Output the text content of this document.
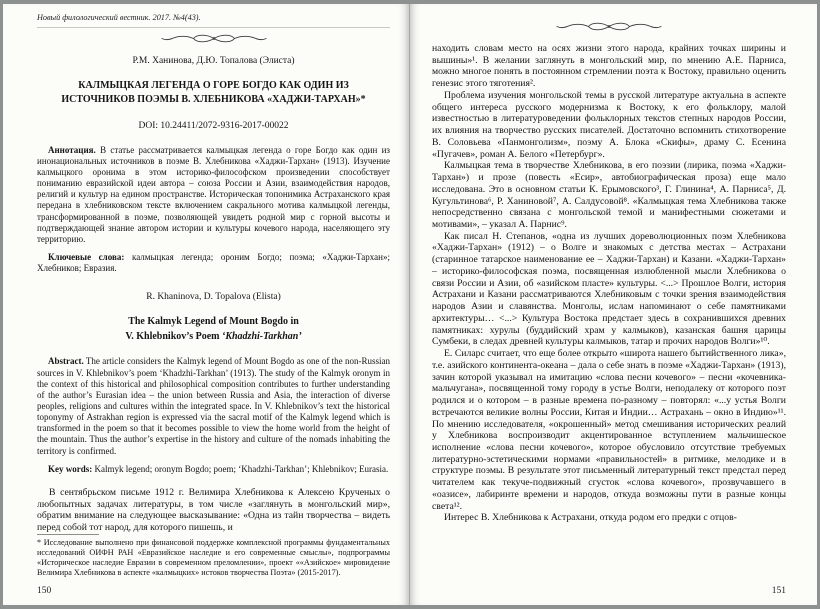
Новый филологический вестник. 2017. №4(43).

Р.М. Ханинова, Д.Ю. Топалова (Элиста)

КАЛМЫЦКАЯ ЛЕГЕНДА О ГОРЕ БОГДО КАК ОДИН ИЗ ИСТОЧНИКОВ ПОЭМЫ В. ХЛЕБНИКОВА «ХАДЖИ-ТАРХАН»*

DOI: 10.24411/2072-9316-2017-00022

Аннотация. В статье рассматривается калмыцкая легенда о горе Богдо как один из инонациональных источников в поэме В. Хлебникова «Хаджи-Тархан» (1913). Изучение калмыцкого оронима в этом историко-философском произведении способствует пониманию евразийской идеи автора – союза России и Азии, взаимодействия народов, религий и культур на едином пространстве. Историческая топонимика Астраханского края передана в хлебниковском тексте включением сакрального мотива калмыцкой легенды, трансформированной в поэме, позволяющей увидеть родной мир с горной высоты и подтверждающей знание автором истории и культуры кочевого народа, населяющего эту территорию.

Ключевые слова: калмыцкая легенда; ороним Богдо; поэма; «Хаджи-Тархан»; Хлебников; Евразия.

R. Khaninova, D. Topalova (Elista)

The Kalmyk Legend of Mount Bogdo in
V. Khlebnikov’s Poem ‘Khadzhi-Tarkhan’

Abstract. The article considers the Kalmyk legend of Mount Bogdo as one of the non-Russian sources in V. Khlebnikov’s poem ‘Khadzhi-Tarkhan’ (1913). The study of the Kalmyk oronym in the context of this historical and philosophical composition contributes to further understanding of the author’s Eurasian idea – the union between Russia and Asia, the interaction of diverse peoples, religions and cultures within the integrated space. In V. Khlebnikov’s text the historical toponymy of Astrakhan region is expressed via the sacral motif of the Kalmyk legend which is transformed in the poem so that it becomes possible to view the home world from the height of the mountain. Thus the author’s expertise in the history and culture of the nomads inhabiting the territory is confirmed.

Key words: Kalmyk legend; oronym Bogdo; poem; ‘Khadzhi-Tarkhan’; Khlebnikov; Eurasia.

В сентябрьском письме 1912 г. Велимира Хлебникова к Алексею Крученых о любопытных задачах литературы, в том числе «заглянуть в монгольский мир», обратим внимание на следующее высказывание: «Одна из тайн творчества – видеть перед собой тот народ, для которого пишешь, и

* Исследование выполнено при финансовой поддержке комплексной программы фундаментальных исследований ОИФН РАН «Евразийское наследие и его современные смыслы», подпрограммы «Историческое наследие Евразии в современном преломлении», проект ««Азийское» мировидение Велимира Хлебникова в аспекте «калмыцких» истоков творчества Поэта» (2015-2017).
150

находить словам место на осях жизни этого народа, крайних точках ширины и вышины»¹. В желании заглянуть в монгольский мир, по мнению А.Е. Парниса, можно многое понять в постоянном стремлении поэта к Востоку, правильно оценить генезис этого тяготения².

Проблема изучения монгольской темы в русской литературе актуальна в аспекте общего интереса русского модернизма к Востоку, к его фольклору, малой известностью в литературоведении фольклорных текстов степных народов России, их влияния на творчество русских писателей. Достаточно вспомнить стихотворение В. Соловьева «Панмонголизм», поэму А. Блока «Скифы», драму С. Есенина «Пугачев», роман А. Белого «Петербург».

Калмыцкая тема в творчестве Хлебникова, в его поэзии (лирика, поэма «Хаджи-Тархан») и прозе (повесть «Есир», автобиографическая проза) еще мало исследована. Это в основном статьи К. Ерымовского³, Г. Глинина⁴, А. Парниса⁵, Д. Кугультинова⁶, Р. Ханиновой⁷, А. Салдусовой⁸. «Калмыцкая тема Хлебникова также непосредственно связана с монгольской темой и манифестными сюжетами и мотивами», – указал А. Парнис⁹.

Как писал Н. Степанов, «одна из лучших дореволюционных поэм Хлебникова «Хаджи-Тархан» (1912) – о Волге и знакомых с детства местах – Астрахани (старинное татарское наименование ее – Хаджи-Тархан) и Казани. «Хаджи-Тархан» – историко-философская поэма, посвященная излюбленной мысли Хлебникова о связи России и Азии, об «азийском пласте» культуры. <...> Прошлое Волги, история Астрахани и Казани рассматриваются Хлебниковым с точки зрения взаимодействия народов Азии и славянства. Монголы, ислам напоминают о себе памятниками архитектуры… <...> Культура Востока предстает здесь в сохранившихся древних памятниках: хурулы (буддийский храм у калмыков), казанская башня царицы Сумбеки, в следах древней культуры калмыков, татар и прочих народов Волги»¹⁰.

Е. Силарс считает, что еще более открыто «широта нашего бытийственного лика», т.е. азийского континента-океана – дала о себе знать в поэме «Хаджи-Тархан» (1913), зачин которой указывал на имитацию «слова песни кочевого» – песни «кочевника-мальчугана», посвященной тому городу в устье Волги, неподалеку от которого поэт родился и о котором – в разные времена по-разному – повторял: «...у устья Волги встречаются великие волны России, Китая и Индии… Астрахань – окно в Индию»¹¹. По мнению исследователя, «окрошенный» метод смешивания исторических реалий у Хлебникова воспроизводит акцентированное вступлением мальчишеское исполнение «слова песни кочевого», которое обусловило отсутствие требуемых литературно-эстетическими нормами «правильностей» в ритмике, мелодике и в структуре поэмы. В результате этот письменный литературный текст предстал перед читателем как текуче-подвижный сгусток «слова кочевого», прозвучавшего в «оазисе», лабиринте времени и народов, откуда возможны пути в разные концы света¹².

Интерес В. Хлебникова к Астрахани, откуда родом его предки с отцов-

151
